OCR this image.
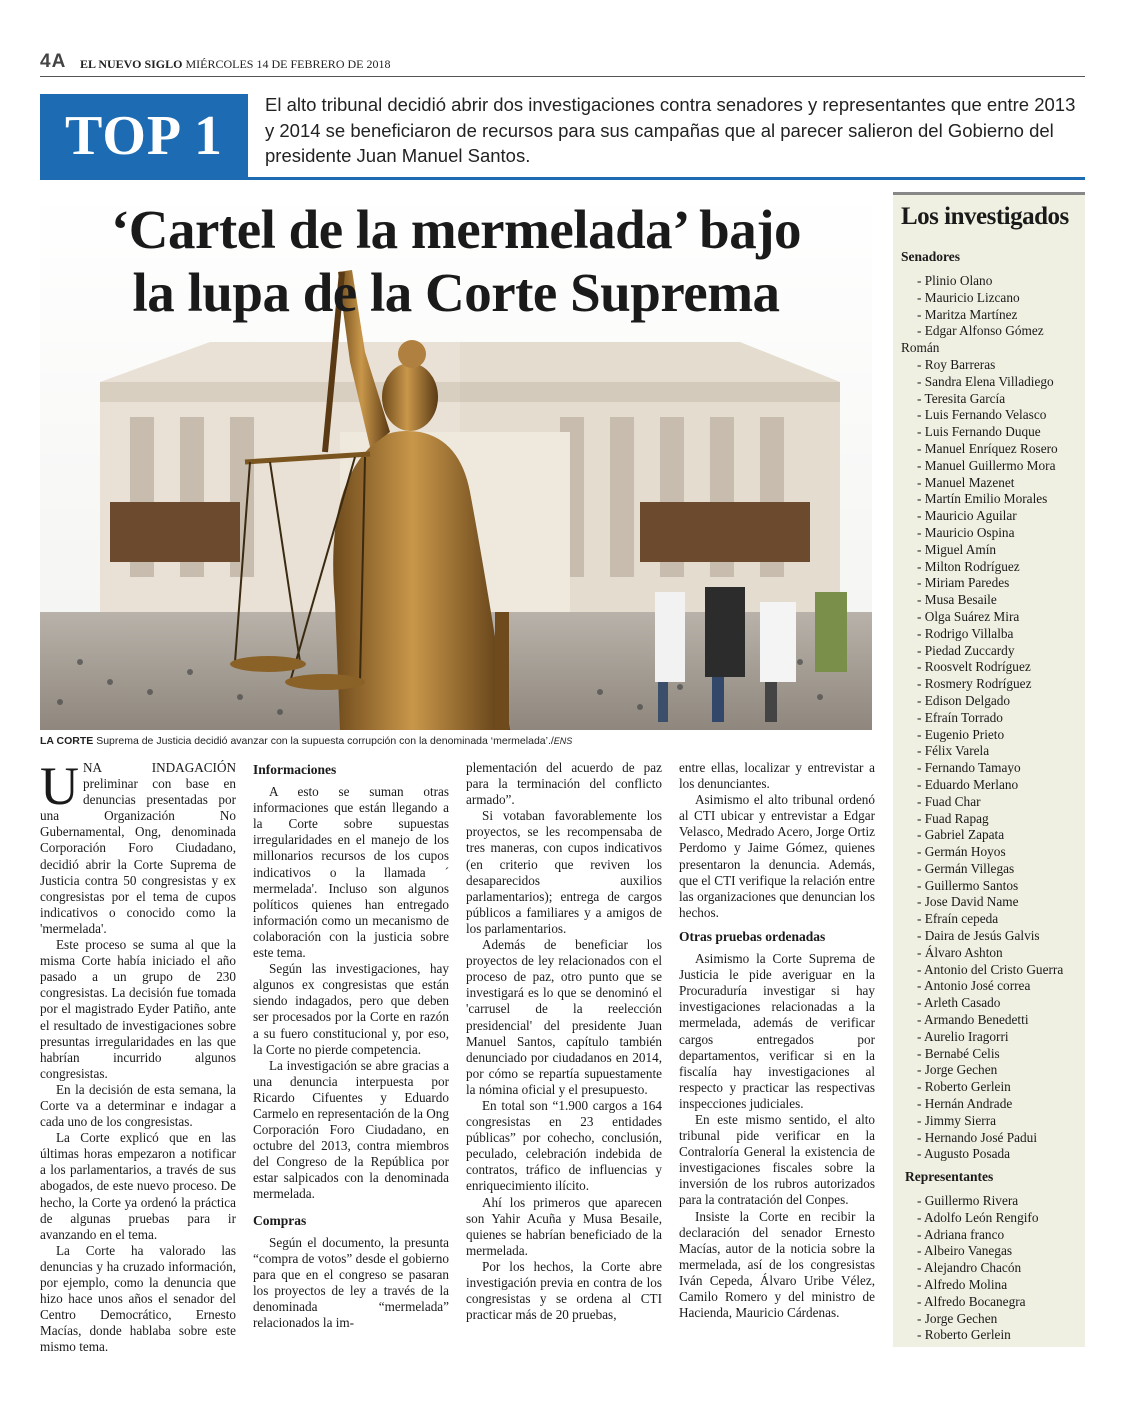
4A EL NUEVO SIGLO MIÉRCOLES 14 DE FEBRERO DE 2018
TOP 1
El alto tribunal decidió abrir dos investigaciones contra senadores y representantes que entre 2013 y 2014 se beneficiaron de recursos para sus campañas que al parecer salieron del Gobierno del presidente Juan Manuel Santos.
‘Cartel de la mermelada’ bajo
la lupa de la Corte Suprema
LA CORTE Suprema de Justicia decidió avanzar con la supuesta corrupción con la denominada ‘mermelada’./ENS

UNA INDAGACIÓN preliminar con base en denuncias presentadas por una Organización No Gubernamental, Ong, denominada Corporación Foro Ciudadano, decidió abrir la Corte Suprema de Justicia contra 50 congresistas y ex congresistas por el tema de cupos indicativos o conocido como la 'mermelada'.

Este proceso se suma al que la misma Corte había iniciado el año pasado a un grupo de 230 congresistas. La decisión fue tomada por el magistrado Eyder Patiño, ante el resultado de investigaciones sobre presuntas irregularidades en las que habrían incurrido algunos congresistas.

En la decisión de esta semana, la Corte va a determinar e indagar a cada uno de los congresistas.

La Corte explicó que en las últimas horas empezaron a notificar a los parlamentarios, a través de sus abogados, de este nuevo proceso. De hecho, la Corte ya ordenó la práctica de algunas pruebas para ir avanzando en el tema.

La Corte ha valorado las denuncias y ha cruzado información, por ejemplo, como la denuncia que hizo hace unos años el senador del Centro Democrático, Ernesto Macías, donde hablaba sobre este mismo tema.

Informaciones

A esto se suman otras informaciones que están llegando a la Corte sobre supuestas irregularidades en el manejo de los millonarios recursos de los cupos indicativos o la llamada ´ mermelada'. Incluso son algunos políticos quienes han entregado información como un mecanismo de colaboración con la justicia sobre este tema.

Según las investigaciones, hay algunos ex congresistas que están siendo indagados, pero que deben ser procesados por la Corte en razón a su fuero constitucional y, por eso, la Corte no pierde competencia.

La investigación se abre gracias a una denuncia interpuesta por Ricardo Cifuentes y Eduardo Carmelo en representación de la Ong Corporación Foro Ciudadano, en octubre del 2013, contra miembros del Congreso de la República por estar salpicados con la denominada mermelada.

Compras

Según el documento, la presunta “compra de votos” desde el gobierno para que en el congreso se pasaran los proyectos de ley a través de la denominada “mermelada” relacionados la im-

plementación del acuerdo de paz para la terminación del conflicto armado”.

Si votaban favorablemente los proyectos, se les recompensaba de tres maneras, con cupos indicativos (en criterio que reviven los desaparecidos auxilios parlamentarios); entrega de cargos públicos a familiares y a amigos de los parlamentarios.

Además de beneficiar los proyectos de ley relacionados con el proceso de paz, otro punto que se investigará es lo que se denominó el 'carrusel de la reelección presidencial' del presidente Juan Manuel Santos, capítulo también denunciado por ciudadanos en 2014, por cómo se repartía supuestamente la nómina oficial y el presupuesto.

En total son “1.900 cargos a 164 congresistas en 23 entidades públicas” por cohecho, conclusión, peculado, celebración indebida de contratos, tráfico de influencias y enriquecimiento ilícito.

Ahí los primeros que aparecen son Yahir Acuña y Musa Besaile, quienes se habrían beneficiado de la mermelada.

Por los hechos, la Corte abre investigación previa en contra de los congresistas y se ordena al CTI practicar más de 20 pruebas,

entre ellas, localizar y entrevistar a los denunciantes.

Asimismo el alto tribunal ordenó al CTI ubicar y entrevistar a Edgar Velasco, Medrado Acero, Jorge Ortiz Perdomo y Jaime Gómez, quienes presentaron la denuncia. Además, que el CTI verifique la relación entre las organizaciones que denuncian los hechos.

Otras pruebas ordenadas

Asimismo la Corte Suprema de Justicia le pide averiguar en la Procuraduría investigar si hay investigaciones relacionadas a la mermelada, además de verificar cargos entregados por departamentos, verificar si en la fiscalía hay investigaciones al respecto y practicar las respectivas inspecciones judiciales.

En este mismo sentido, el alto tribunal pide verificar en la Contraloría General la existencia de investigaciones fiscales sobre la inversión de los rubros autorizados para la contratación del Conpes.

Insiste la Corte en recibir la declaración del senador Ernesto Macías, autor de la noticia sobre la mermelada, así de los congresistas Iván Cepeda, Álvaro Uribe Vélez, Camilo Romero y del ministro de Hacienda, Mauricio Cárdenas.

Los investigados
Senadores
- Plinio Olano
- Mauricio Lizcano
- Maritza Martínez
- Edgar Alfonso Gómez Román
- Roy Barreras
- Sandra Elena Villadiego
- Teresita García
- Luis Fernando Velasco
- Luis Fernando Duque
- Manuel Enríquez Rosero
- Manuel Guillermo Mora
- Manuel Mazenet
- Martín Emilio Morales
- Mauricio Aguilar
- Mauricio Ospina
- Miguel Amín
- Milton Rodríguez
- Miriam Paredes
- Musa Besaile
- Olga Suárez Mira
- Rodrigo Villalba
- Piedad Zuccardy
- Roosvelt Rodríguez
- Rosmery Rodríguez
- Edison Delgado
- Efraín Torrado
- Eugenio Prieto
- Félix Varela
- Fernando Tamayo
- Eduardo Merlano
- Fuad Char
- Fuad Rapag
- Gabriel Zapata
- Germán Hoyos
- Germán Villegas
- Guillermo Santos
- Jose David Name
- Efraín cepeda
- Daira de Jesús Galvis
- Álvaro Ashton
- Antonio del Cristo Guerra
- Antonio José correa
- Arleth Casado
- Armando Benedetti
- Aurelio Iragorri
- Bernabé Celis
- Jorge Gechen
- Roberto Gerlein
- Hernán Andrade
- Jimmy Sierra
- Hernando José Padui
- Augusto Posada
Representantes
- Guillermo Rivera
- Adolfo León Rengifo
- Adriana franco
- Albeiro Vanegas
- Alejandro Chacón
- Alfredo Molina
- Alfredo Bocanegra
- Jorge Gechen
- Roberto Gerlein
